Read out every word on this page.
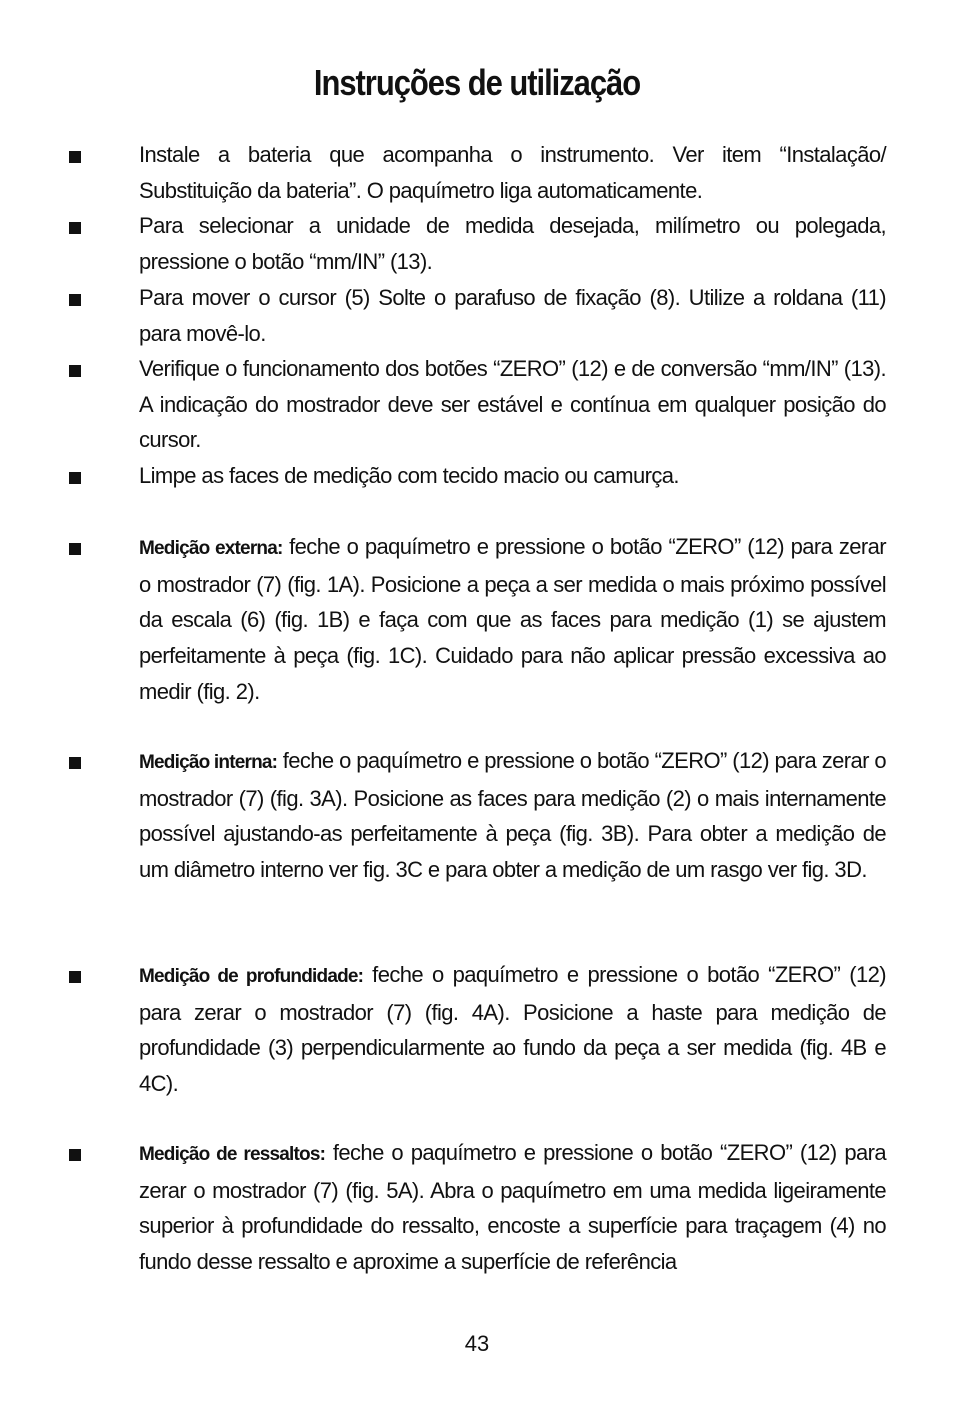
Instruções de utilização
Instale a bateria que acompanha o instrumento. Ver item “Instalação/ Substituição da bateria”. O paquímetro liga automaticamente.
Para selecionar a unidade de medida desejada, milímetro ou polegada, pressione o botão “mm/IN” (13).
Para mover o cursor (5) Solte o parafuso de fixação (8). Utilize a roldana (11) para movê-lo.
Verifique o funcionamento dos botões “ZERO” (12) e de conversão “mm/IN” (13). A indicação do mostrador deve ser estável e contínua em qualquer posição do cursor.
Limpe as faces de medição com tecido macio ou camurça.
Medição externa: feche o paquímetro e pressione o botão “ZERO” (12) para zerar o mostrador (7) (fig. 1A). Posicione a peça a ser medida o mais próximo possível da escala (6) (fig. 1B) e faça com que as faces para medição (1) se ajustem perfeitamente à peça (fig. 1C). Cuidado para não aplicar pressão excessiva ao medir (fig. 2).
Medição interna: feche o paquímetro e pressione o botão “ZERO” (12) para zerar o mostrador (7) (fig. 3A). Posicione as faces para medição (2) o mais internamente possível ajustando-as perfeitamente à peça (fig. 3B). Para obter a medição de um diâmetro interno ver fig. 3C e para obter a medição de um rasgo ver fig. 3D.
Medição de profundidade: feche o paquímetro e pressione o botão “ZERO” (12) para zerar o mostrador (7) (fig. 4A). Posicione a haste para medição de profundidade (3) perpendicularmente ao fundo da peça a ser medida (fig. 4B e 4C).
Medição de ressaltos: feche o paquímetro e pressione o botão “ZERO” (12) para zerar o mostrador (7) (fig. 5A). Abra o paquímetro em uma medida ligeiramente superior à profundidade do ressalto, encoste a superfície para traçagem (4) no fundo desse ressalto e aproxime a superfície de referência
43
